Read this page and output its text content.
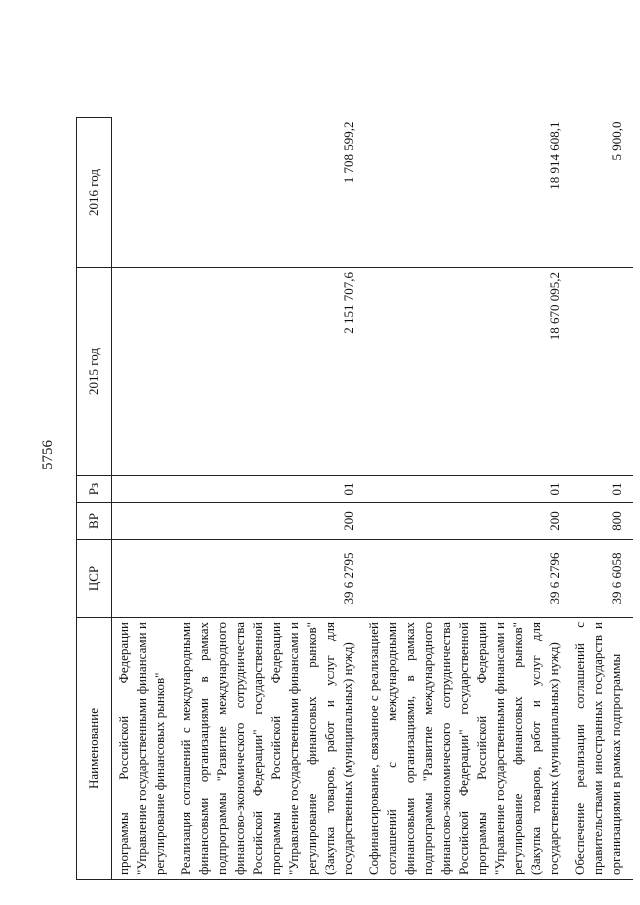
5756
Наименование	ЦСР	ВР	Рз	2015 год	2016 год
программы Российской Федерации "Управление государственными финансами и регулирование финансовых рынков"					
Реализация соглашений с международными финансовыми организациями в рамках подпрограммы "Развитие международного финансово-экономического сотрудничества Российской Федерации" государственной программы Российской Федерации "Управление государственными финансами и регулирование финансовых рынков" (Закупка товаров, работ и услуг для государственных (муниципальных) нужд)	39 6 2795	200	01	2 151 707,6	1 708 599,2
Софинансирование, связанное с реализацией соглашений с международными финансовыми организациями, в рамках подпрограммы "Развитие международного финансово-экономического сотрудничества Российской Федерации" государственной программы Российской Федерации "Управление государственными финансами и регулирование финансовых рынков" (Закупка товаров, работ и услуг для государственных (муниципальных) нужд)	39 6 2796	200	01	18 670 095,2	18 914 608,1
Обеспечение реализации соглашений с правительствами иностранных государств и организациями в рамках подпрограммы	39 6 6058	800	01		5 900,0
